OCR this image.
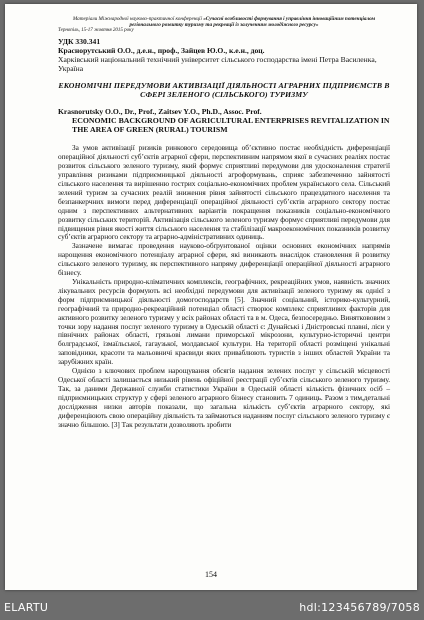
Матеріали Міжнародної науково-практичної конференції «Сучасні особливості формування і управління інноваційним потенціалом регіонального розвитку туризму та рекреації із залученням молодіжного ресурсу»
Тернопіль, 15-17 жовтня 2015 року
УДК 330.341
Краснорутський О.О., д.е.н., проф., Зайцев Ю.О., к.е.н., доц.
Харківський національний технічний університет сільського господарства імені Петра Василенка, Україна
ЕКОНОМІЧНІ ПЕРЕДУМОВИ АКТИВІЗАЦІЇ ДІЯЛЬНОСТІ АГРАРНИХ ПІДПРИЄМСТВ В СФЕРІ ЗЕЛЕНОГО (СІЛЬСЬКОГО) ТУРИЗМУ
Krasnorutskу O.O., Dr., Prof., Zaitsev Y.O., Ph.D., Assoc. Prof.
ECONOMIC BACKGROUND OF AGRICULTURAL ENTERPRISES REVITALIZATION IN THE AREA OF GREEN (RURAL) TOURISM

За умов активізації ризиків ринкового середовища об’єктивно постає необхідність диференціації операційної діяльності суб’єктів аграрної сфери, перспективним напрямом якої в сучасних реаліях постає розвиток сільського зеленого туризму, який формує сприятливі передумови для удосконалення стратегії управління ризиками підприємницької діяльності агроформувань, сприяє забезпеченню зайнятості сільського населення та вирішенню гострих соціально-економічних проблем українського села. Сільський зелений туризм за сучасних реалій зниження рівня зайнятості сільського працездатного населення та безпанкерчних вимоги перед диференціації операційної діяльності суб’єктів аграрного сектору постає одним з перспективних альтернативних варіантів покращення показників соціально-економічного розвитку сільських територій. Активізація сільського зеленого туризму формує сприятливі передумови для підвищення рівня якості життя сільського населення та стабілізації макроекономічних показників розвитку суб’єктів аграрного сектору та аграрно-адміністративних одиниць.

Зазначене вимагає проведення науково-обґрунтованої оцінки основних економічних напрямів нарощення економічного потенціалу аграрної сфери, які виникають внаслідок становлення й розвитку сільського зеленого туризму, як перспективного напряму диференціації операційної діяльності аграрного бізнесу.

Унікальність природно-кліматичних комплексів, географічних, рекреаційних умов, наявність значних лікувальних ресурсів формують всі необхідні передумови для активізації зеленого туризму як однієї з форм підприємницької діяльності домогосподарств [5]. Значний соціальний, історико-культурний, географічний та природно-рекреаційний потенціал області створює комплекс сприятливих факторів для активного розвитку зеленого туризму у всіх районах області та в м. Одеса, безпосередньо. Виняткововим з точки зору надання послуг зеленого туризму в Одеській області є: Дунайські і Дністровські плавні, ліси у північних районах області, грязьові лимани приморської мікрозони, культурно-історичні центри болградської, ізмаїльської, гагаузької, молдавської культури. На території області розміщені унікальні заповідники, красоти та мальовничі краєвиди яких приваблюють туристів з інших областей України та зарубіжних країн.

Однією з ключових проблем нарощування обсягів надання зелених послуг у сільській місцевості Одеської області залишається низький рівень офіційної реєстрації суб’єктів сільського зеленого туризму. Так, за даними Державної служби статистики України в Одеській області кількість фізичних осіб – підприємницьких структур у сфері зеленого аграрного бізнесу становить 7 одиниць. Разом з тим,детальні дослідження низки авторів показали, що загальна кількість суб’єктів аграрного сектору, які диференціюють свою операційну діяльність та займаються наданням послуг сільського зеленого туризму є значно більшою. [3] Так результати дозволяють зробити

154
ELARTU	hdl:123456789/7058
